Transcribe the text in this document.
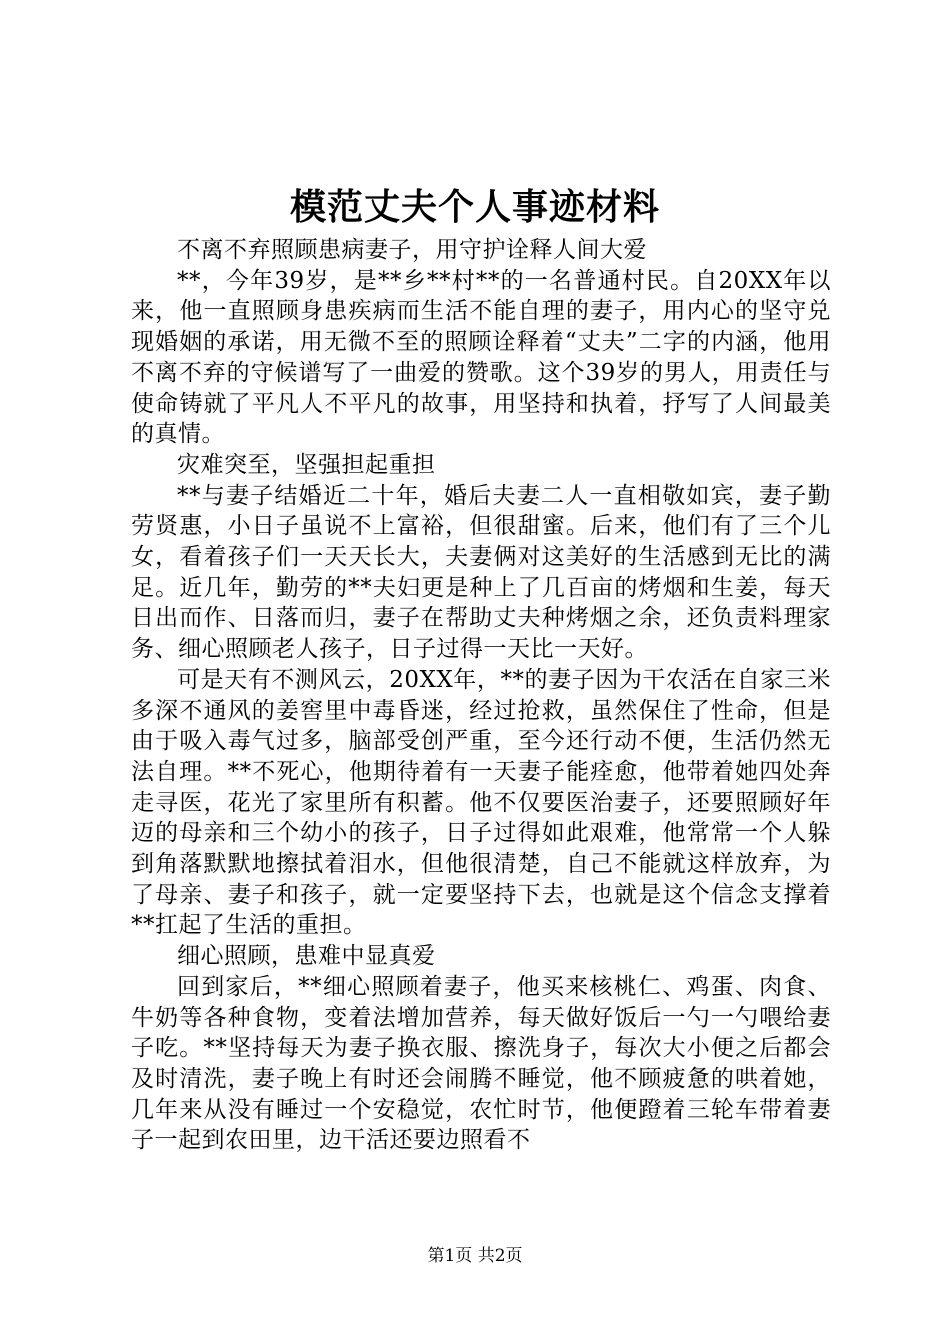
模范丈夫个人事迹材料

不离不弃照顾患病妻子，用守护诠释人间大爱

**，今年39岁，是**乡**村**的一名普通村民。自20XX年以来，他一直照顾身患疾病而生活不能自理的妻子，用内心的坚守兑现婚姻的承诺，用无微不至的照顾诠释着“丈夫”二字的内涵，他用不离不弃的守候谱写了一曲爱的赞歌。这个39岁的男人，用责任与使命铸就了平凡人不平凡的故事，用坚持和执着，抒写了人间最美的真情。

灾难突至，坚强担起重担

**与妻子结婚近二十年，婚后夫妻二人一直相敬如宾，妻子勤劳贤惠，小日子虽说不上富裕，但很甜蜜。后来，他们有了三个儿女，看着孩子们一天天长大，夫妻俩对这美好的生活感到无比的满足。近几年，勤劳的**夫妇更是种上了几百亩的烤烟和生姜，每天日出而作、日落而归，妻子在帮助丈夫种烤烟之余，还负责料理家务、细心照顾老人孩子，日子过得一天比一天好。

可是天有不测风云，20XX年，**的妻子因为干农活在自家三米多深不通风的姜窖里中毒昏迷，经过抢救，虽然保住了性命，但是由于吸入毒气过多，脑部受创严重，至今还行动不便，生活仍然无法自理。**不死心，他期待着有一天妻子能痊愈，他带着她四处奔走寻医，花光了家里所有积蓄。他不仅要医治妻子，还要照顾好年迈的母亲和三个幼小的孩子，日子过得如此艰难，他常常一个人躲到角落默默地擦拭着泪水，但他很清楚，自己不能就这样放弃，为了母亲、妻子和孩子，就一定要坚持下去，也就是这个信念支撑着**扛起了生活的重担。

细心照顾，患难中显真爱

回到家后，**细心照顾着妻子，他买来核桃仁、鸡蛋、肉食、牛奶等各种食物，变着法增加营养，每天做好饭后一勺一勺喂给妻子吃。**坚持每天为妻子换衣服、擦洗身子，每次大小便之后都会及时清洗，妻子晚上有时还会闹腾不睡觉，他不顾疲惫的哄着她，几年来从没有睡过一个安稳觉，农忙时节，他便蹬着三轮车带着妻子一起到农田里，边干活还要边照看不

第1页 共2页
